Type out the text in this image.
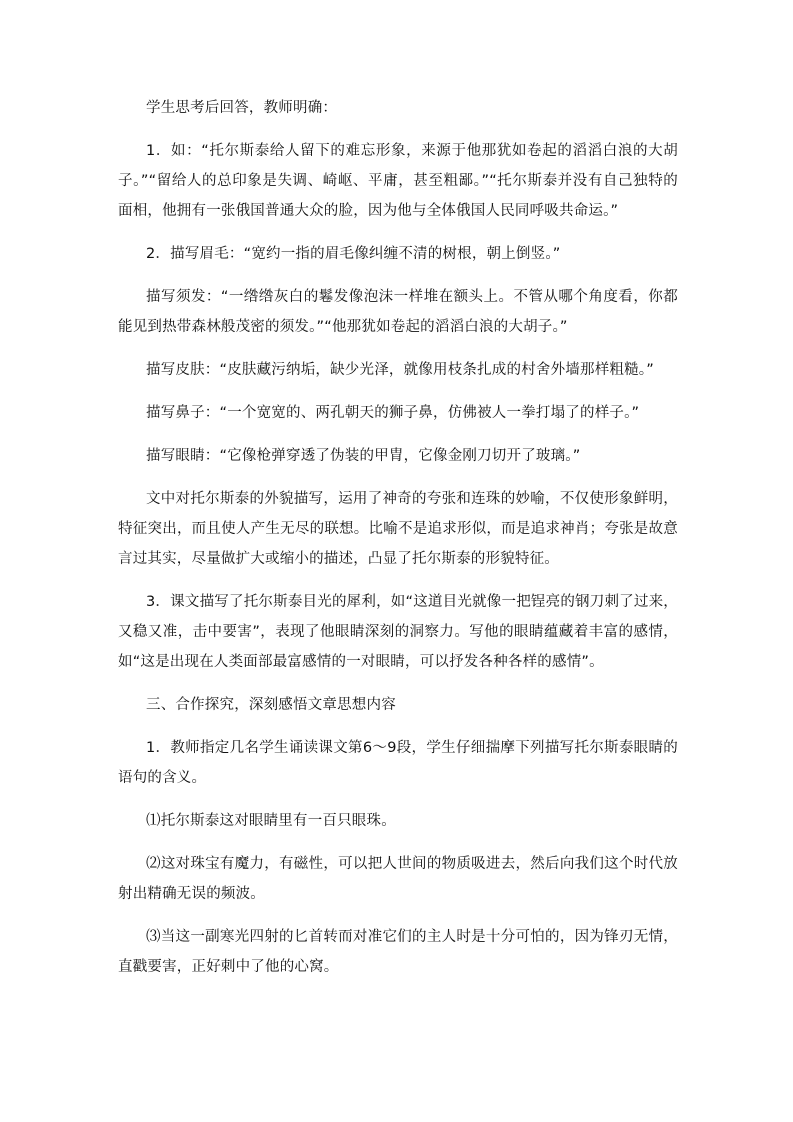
学生思考后回答，教师明确：

1．如：“托尔斯泰给人留下的难忘形象，来源于他那犹如卷起的滔滔白浪的大胡子。”“留给人的总印象是失调、崎岖、平庸，甚至粗鄙。”“托尔斯泰并没有自己独特的面相，他拥有一张俄国普通大众的脸，因为他与全体俄国人民同呼吸共命运。”

2．描写眉毛：“宽约一指的眉毛像纠缠不清的树根，朝上倒竖。”

描写须发：“一绺绺灰白的鬈发像泡沫一样堆在额头上。不管从哪个角度看，你都能见到热带森林般茂密的须发。”“他那犹如卷起的滔滔白浪的大胡子。”

描写皮肤：“皮肤藏污纳垢，缺少光泽，就像用枝条扎成的村舍外墙那样粗糙。”

描写鼻子：“一个宽宽的、两孔朝天的狮子鼻，仿佛被人一拳打塌了的样子。”

描写眼睛：“它像枪弹穿透了伪装的甲胄，它像金刚刀切开了玻璃。”

文中对托尔斯泰的外貌描写，运用了神奇的夸张和连珠的妙喻，不仅使形象鲜明，特征突出，而且使人产生无尽的联想。比喻不是追求形似，而是追求神肖；夸张是故意言过其实，尽量做扩大或缩小的描述，凸显了托尔斯泰的形貌特征。

3．课文描写了托尔斯泰目光的犀利，如“这道目光就像一把锃亮的钢刀刺了过来，又稳又准，击中要害”，表现了他眼睛深刻的洞察力。写他的眼睛蕴藏着丰富的感情，如“这是出现在人类面部最富感情的一对眼睛，可以抒发各种各样的感情”。

三、合作探究，深刻感悟文章思想内容

1．教师指定几名学生诵读课文第6～9段，学生仔细揣摩下列描写托尔斯泰眼睛的语句的含义。

⑴托尔斯泰这对眼睛里有一百只眼珠。

⑵这对珠宝有魔力，有磁性，可以把人世间的物质吸进去，然后向我们这个时代放射出精确无误的频波。

⑶当这一副寒光四射的匕首转而对准它们的主人时是十分可怕的，因为锋刃无情，直戳要害，正好刺中了他的心窝。
